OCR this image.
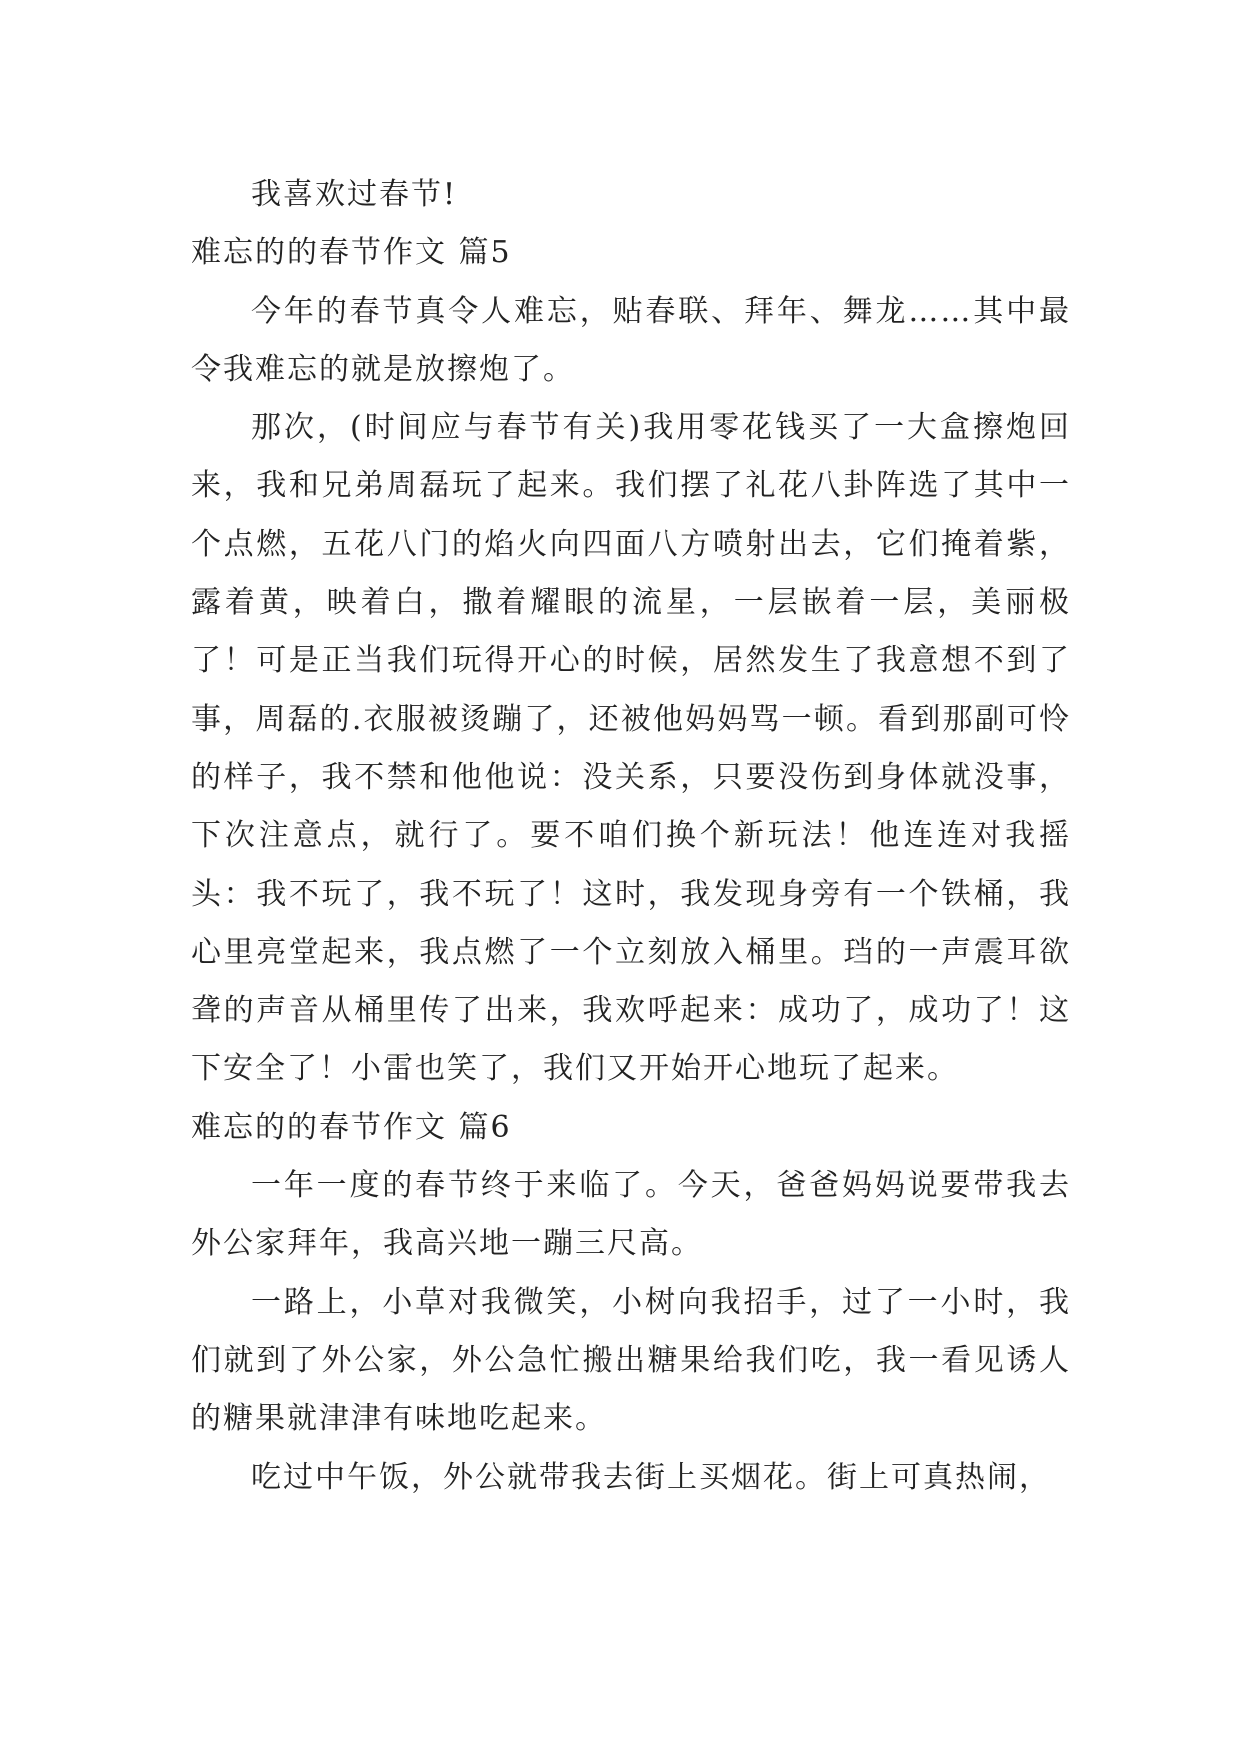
我喜欢过春节!

难忘的的春节作文 篇5

今年的春节真令人难忘，贴春联、拜年、舞龙……其中最令我难忘的就是放擦炮了。

那次，(时间应与春节有关)我用零花钱买了一大盒擦炮回来，我和兄弟周磊玩了起来。我们摆了礼花八卦阵选了其中一个点燃，五花八门的焰火向四面八方喷射出去，它们掩着紫，露着黄，映着白，撒着耀眼的流星，一层嵌着一层，美丽极了！可是正当我们玩得开心的时候，居然发生了我意想不到了事，周磊的.衣服被烫蹦了，还被他妈妈骂一顿。看到那副可怜的样子，我不禁和他他说：没关系，只要没伤到身体就没事，下次注意点，就行了。要不咱们换个新玩法！他连连对我摇头：我不玩了，我不玩了！这时，我发现身旁有一个铁桶，我心里亮堂起来，我点燃了一个立刻放入桶里。珰的一声震耳欲聋的声音从桶里传了出来，我欢呼起来：成功了，成功了！这下安全了！小雷也笑了，我们又开始开心地玩了起来。

难忘的的春节作文 篇6

一年一度的春节终于来临了。今天，爸爸妈妈说要带我去外公家拜年，我高兴地一蹦三尺高。

一路上，小草对我微笑，小树向我招手，过了一小时，我们就到了外公家，外公急忙搬出糖果给我们吃，我一看见诱人的糖果就津津有味地吃起来。

吃过中午饭，外公就带我去街上买烟花。街上可真热闹，
